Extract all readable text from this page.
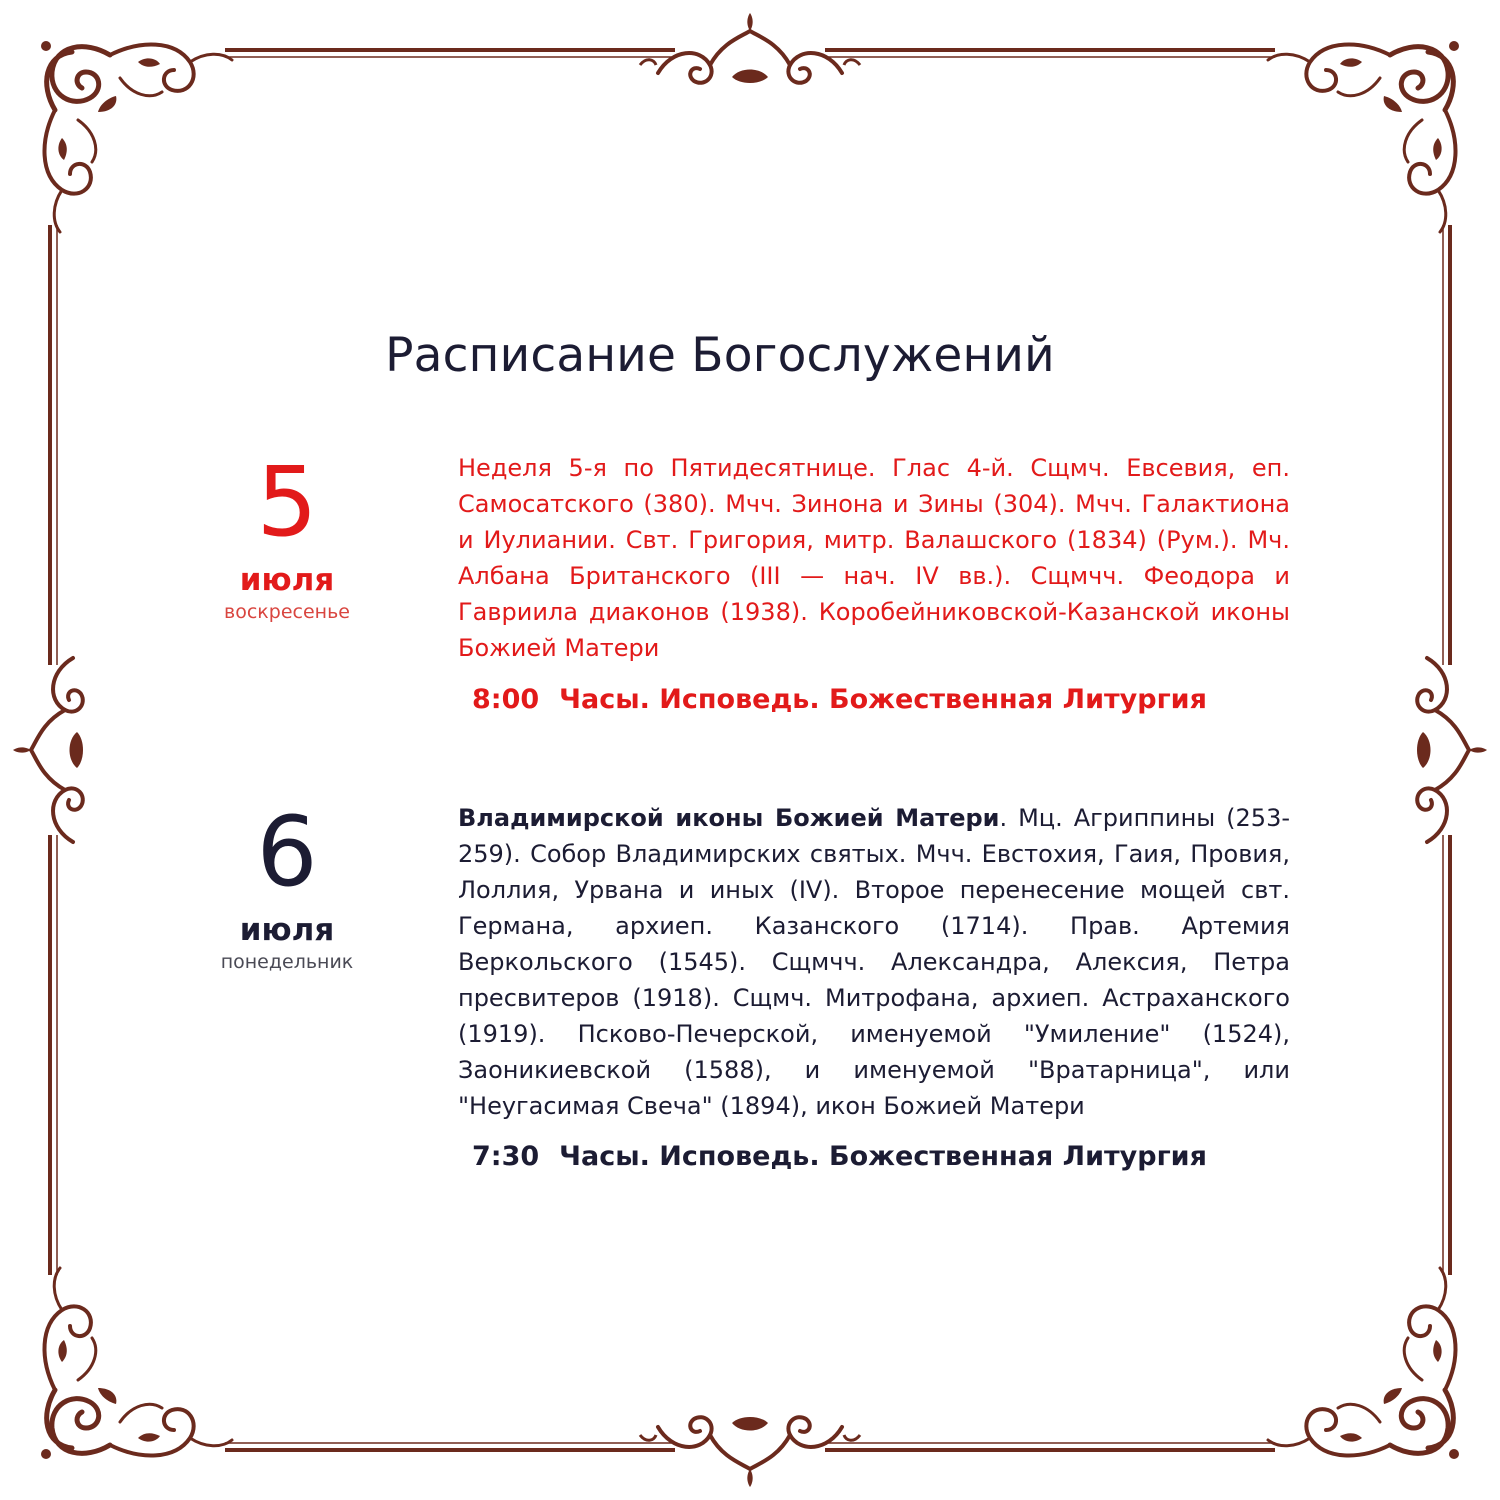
Расписание Богослужений
5
июля
воскресенье
Неделя 5-я по Пятидесятнице. Глас 4-й. Сщмч. Евсевия, еп. Самосатского (380). Мчч. Зинона и Зины (304). Мчч. Галактиона и Иулиании. Свт. Григория, митр. Валашского (1834) (Рум.). Мч. Албана Британского (III — нач. IV вв.). Сщмчч. Феодора и Гавриила диаконов (1938). Коробейниковской-Казанской иконы Божией Матери
8:00 Часы. Исповедь. Божественная Литургия
6
июля
понедельник
Владимирской иконы Божией Матери. Мц. Агриппины (253-259). Собор Владимирских святых. Мчч. Евстохия, Гаия, Провия, Лоллия, Урвана и иных (IV). Второе перенесение мощей свт. Германа, архиеп. Казанского (1714). Прав. Артемия Веркольского (1545). Сщмчч. Александра, Алексия, Петра пресвитеров (1918). Сщмч. Митрофана, архиеп. Астраханского (1919). Псково-Печерской, именуемой "Умиление" (1524), Заоникиевской (1588), и именуемой "Вратарница", или "Неугасимая Свеча" (1894), икон Божией Матери
7:30 Часы. Исповедь. Божественная Литургия
